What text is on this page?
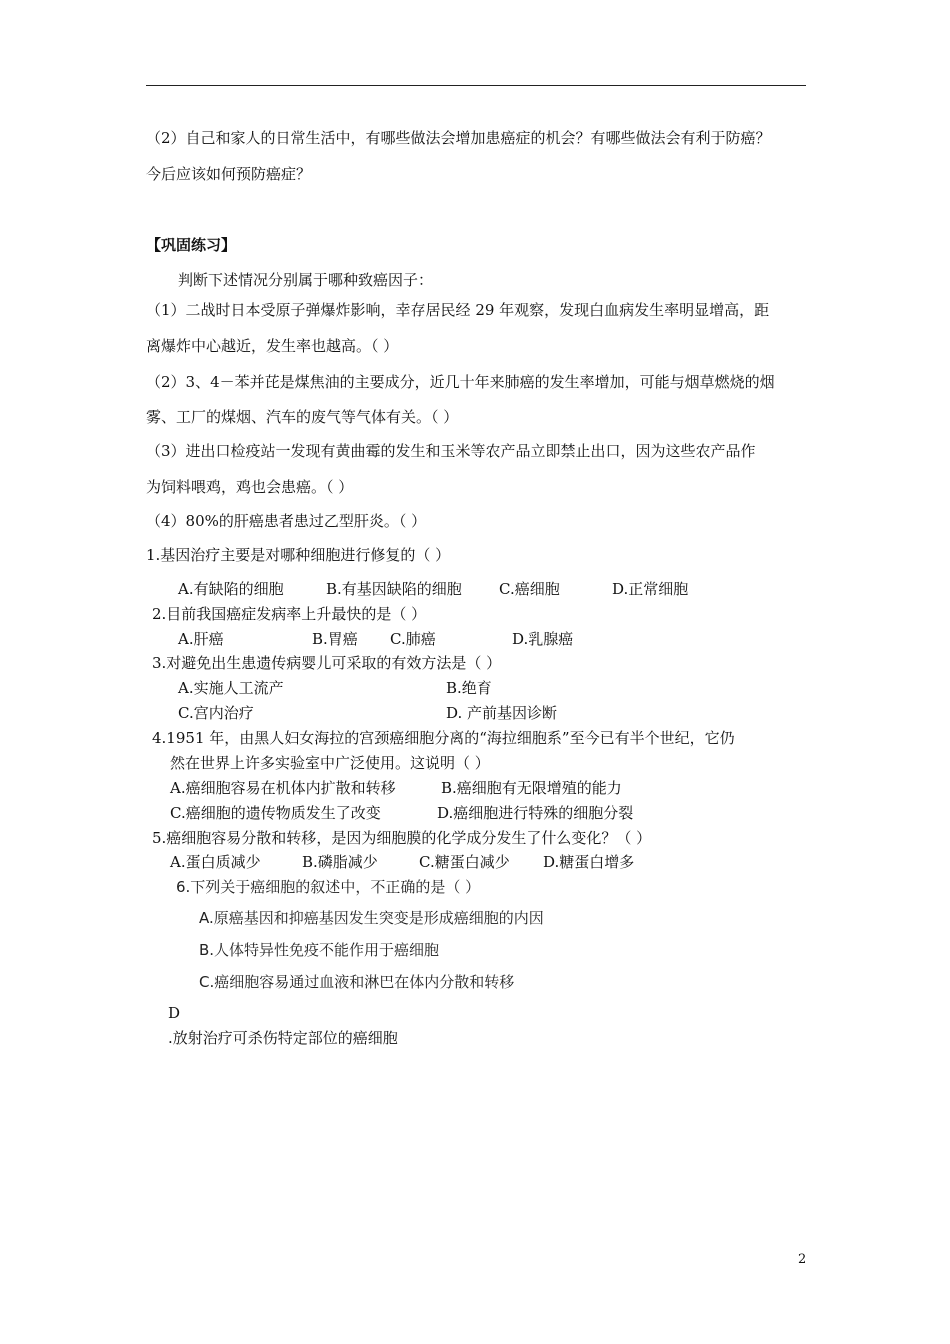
（2）自己和家人的日常生活中，有哪些做法会增加患癌症的机会？有哪些做法会有利于防癌？
今后应该如何预防癌症？
【巩固练习】
判断下述情况分别属于哪种致癌因子：
（1）二战时日本受原子弹爆炸影响，幸存居民经 29 年观察，发现白血病发生率明显增高，距
离爆炸中心越近，发生率也越高。（ ）
（2）3、4－苯并芘是煤焦油的主要成分，近几十年来肺癌的发生率增加，可能与烟草燃烧的烟
雾、工厂的煤烟、汽车的废气等气体有关。（ ）
（3）进出口检疫站一发现有黄曲霉的发生和玉米等农产品立即禁止出口，因为这些农产品作
为饲料喂鸡，鸡也会患癌。（ ）
（4）80%的肝癌患者患过乙型肝炎。（ ）
1.基因治疗主要是对哪种细胞进行修复的（ ）
A.有缺陷的细胞	B.有基因缺陷的细胞 C.癌细胞	D.正常细胞
2.目前我国癌症发病率上升最快的是（ ）
A.肝癌	B.胃癌 C.肺癌	D.乳腺癌
3.对避免出生患遗传病婴儿可采取的有效方法是（ ）
A.实施人工流产	B.绝育
C.宫内治疗	D. 产前基因诊断
4.1951 年，由黑人妇女海拉的宫颈癌细胞分离的“海拉细胞系”至今已有半个世纪，它仍
然在世界上许多实验室中广泛使用。这说明（ ）
A.癌细胞容易在机体内扩散和转移	B.癌细胞有无限增殖的能力
C.癌细胞的遗传物质发生了改变	D.癌细胞进行特殊的细胞分裂
5.癌细胞容易分散和转移，是因为细胞膜的化学成分发生了什么变化？（ ）
A.蛋白质减少	B.磷脂减少	C.糖蛋白减少 D.糖蛋白增多
6.下列关于癌细胞的叙述中，不正确的是（ ）
A.原癌基因和抑癌基因发生突变是形成癌细胞的内因
B.人体特异性免疫不能作用于癌细胞
C.癌细胞容易通过血液和淋巴在体内分散和转移
D
.放射治疗可杀伤特定部位的癌细胞
2
